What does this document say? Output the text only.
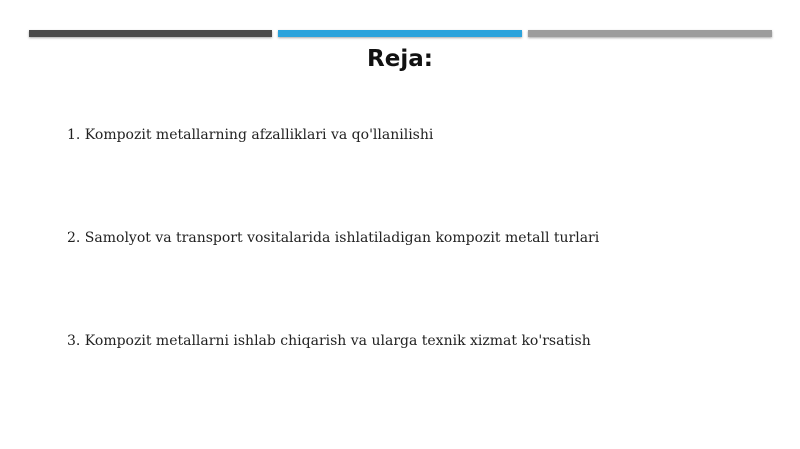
Reja:
1. Kompozit metallarning afzalliklari va qo'llanilishi
2. Samolyot va transport vositalarida ishlatiladigan kompozit metall turlari
3. Kompozit metallarni ishlab chiqarish va ularga texnik xizmat ko'rsatish
